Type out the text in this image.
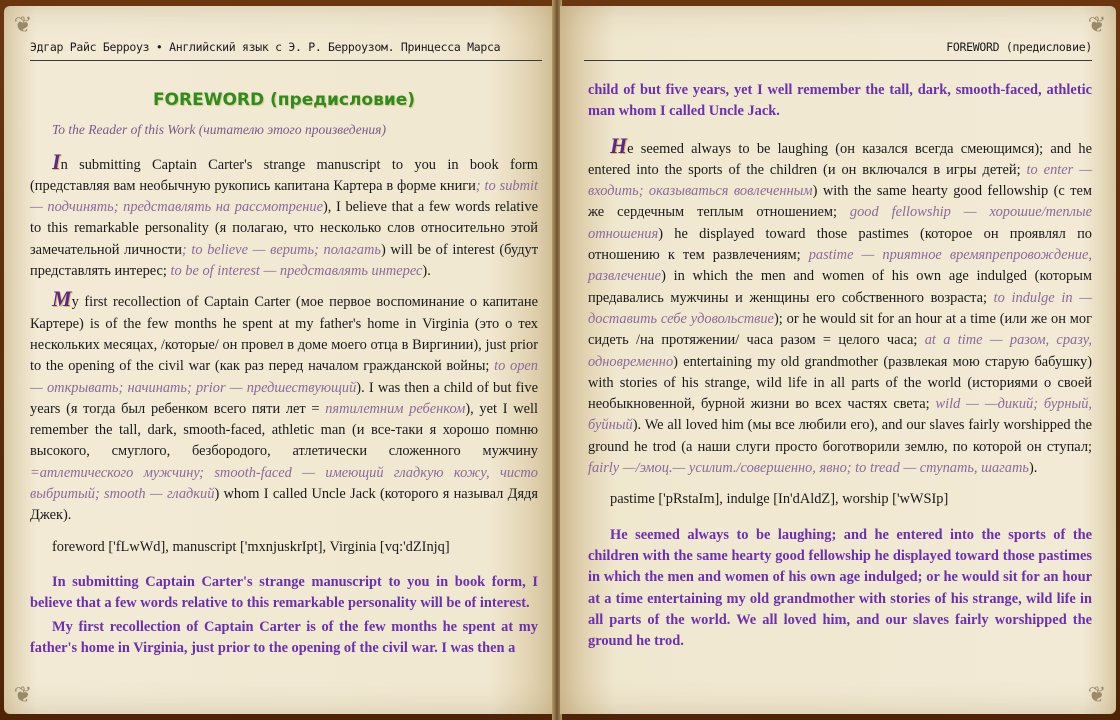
❦
❦
Эдгар Райс Берроуз • Английский язык с Э. Р. Берроузом. Принцесса Марса
FOREWORD (предисловие)
To the Reader of this Work (читателю этого произведения)

In submitting Captain Carter's strange manuscript to you in book form (представляя вам необычную рукопись капитана Картера в форме книги; to submit — подчинять; представлять на рассмотрение), I believe that a few words relative to this remarkable personality (я полагаю, что несколько слов относительно этой замечательной личности; to believe — верить; полагать) will be of interest (будут представлять интерес; to be of interest — представлять интерес).

My first recollection of Captain Carter (мое первое воспоминание о капитане Картере) is of the few months he spent at my father's home in Virginia (это о тех нескольких месяцах, /которые/ он провел в доме моего отца в Виргинии), just prior to the opening of the civil war (как раз перед началом гражданской войны; to open — открывать; начинать; prior — предшествующий). I was then a child of but five years (я тогда был ребенком всего пяти лет = пятилетним ребенком), yet I well remember the tall, dark, smooth-faced, athletic man (и все-таки я хорошо помню высокого, смуглого, безбородого, атлетически сложенного мужчину =атлетического мужчину; smooth-faced — имеющий гладкую кожу, чисто выбритый; smooth — гладкий) whom I called Uncle Jack (которого я называл Дядя Джек).

foreword ['fLwWd], manuscript ['mxnjuskrIpt], Virginia [vq:'dZInjq]

In submitting Captain Carter's strange manuscript to you in book form, I believe that a few words relative to this remarkable personality will be of interest.

My first recollection of Captain Carter is of the few months he spent at my father's home in Virginia, just prior to the opening of the civil war. I was then a

❦
❦
FOREWORD (предисловие)

child of but five years, yet I well remember the tall, dark, smooth-faced, athletic man whom I called Uncle Jack.

He seemed always to be laughing (он казался всегда смеющимся); and he entered into the sports of the children (и он включался в игры детей; to enter — входить; оказываться вовлеченным) with the same hearty good fellowship (с тем же сердечным теплым отношением; good fellowship — хорошие/теплые отношения) he displayed toward those pastimes (которое он проявлял по отношению к тем развлечениям; pastime — приятное времяпрепровождение, развлечение) in which the men and women of his own age indulged (которым предавались мужчины и женщины его собственного возраста; to indulge in — доставить себе удовольствие); or he would sit for an hour at a time (или же он мог сидеть /на протяжении/ часа разом = целого часа; at a time — разом, сразу, одновременно) entertaining my old grandmother (развлекая мою старую бабушку) with stories of his strange, wild life in all parts of the world (историями о своей необыкновенной, бурной жизни во всех частях света; wild — —дикий; бурный, буйный). We all loved him (мы все любили его), and our slaves fairly worshipped the ground he trod (а наши слуги просто боготворили землю, по которой он ступал; fairly —/эмоц.— усилит./совершенно, явно; to tread — ступать, шагать).

pastime ['pRstaIm], indulge [In'dAldZ], worship ['wWSIp]

He seemed always to be laughing; and he entered into the sports of the children with the same hearty good fellowship he displayed toward those pastimes in which the men and women of his own age indulged; or he would sit for an hour at a time entertaining my old grandmother with stories of his strange, wild life in all parts of the world. We all loved him, and our slaves fairly worshipped the ground he trod.
